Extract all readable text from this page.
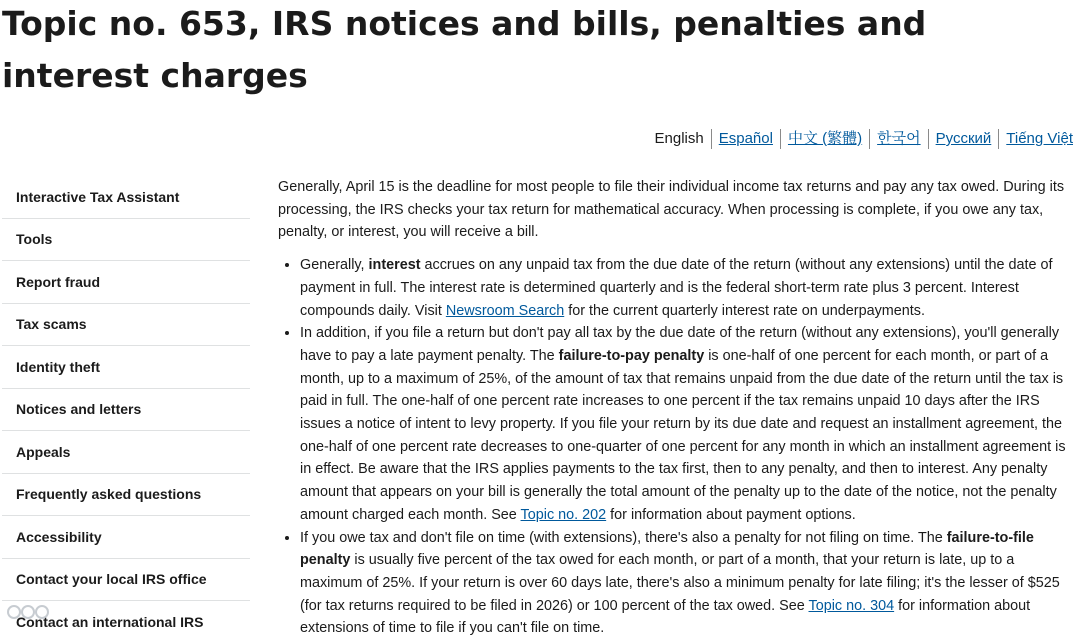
Topic no. 653, IRS notices and bills, penalties and interest charges
English	Español	中文 (繁體)	한국어	Русский	Tiếng Việt
Interactive Tax Assistant
Tools
Report fraud
Tax scams
Identity theft
Notices and letters
Appeals
Frequently asked questions
Accessibility
Contact your local IRS office
Contact an international IRS

Generally, April 15 is the deadline for most people to file their individual income tax returns and pay any tax owed. During its processing, the IRS checks your tax return for mathematical accuracy. When processing is complete, if you owe any tax, penalty, or interest, you will receive a bill.

• Generally, interest accrues on any unpaid tax from the due date of the return (without any extensions) until the date of payment in full. The interest rate is determined quarterly and is the federal short-term rate plus 3 percent. Interest compounds daily. Visit Newsroom Search for the current quarterly interest rate on underpayments.
• In addition, if you file a return but don't pay all tax by the due date of the return (without any extensions), you'll generally have to pay a late payment penalty. The failure-to-pay penalty is one-half of one percent for each month, or part of a month, up to a maximum of 25%, of the amount of tax that remains unpaid from the due date of the return until the tax is paid in full. The one-half of one percent rate increases to one percent if the tax remains unpaid 10 days after the IRS issues a notice of intent to levy property. If you file your return by its due date and request an installment agreement, the one-half of one percent rate decreases to one-quarter of one percent for any month in which an installment agreement is in effect. Be aware that the IRS applies payments to the tax first, then to any penalty, and then to interest. Any penalty amount that appears on your bill is generally the total amount of the penalty up to the date of the notice, not the penalty amount charged each month. See Topic no. 202 for information about payment options.
• If you owe tax and don't file on time (with extensions), there's also a penalty for not filing on time. The failure-to-file penalty is usually five percent of the tax owed for each month, or part of a month, that your return is late, up to a maximum of 25%. If your return is over 60 days late, there's also a minimum penalty for late filing; it's the lesser of $525 (for tax returns required to be filed in 2026) or 100 percent of the tax owed. See Topic no. 304 for information about extensions of time to file if you can't file on time.
